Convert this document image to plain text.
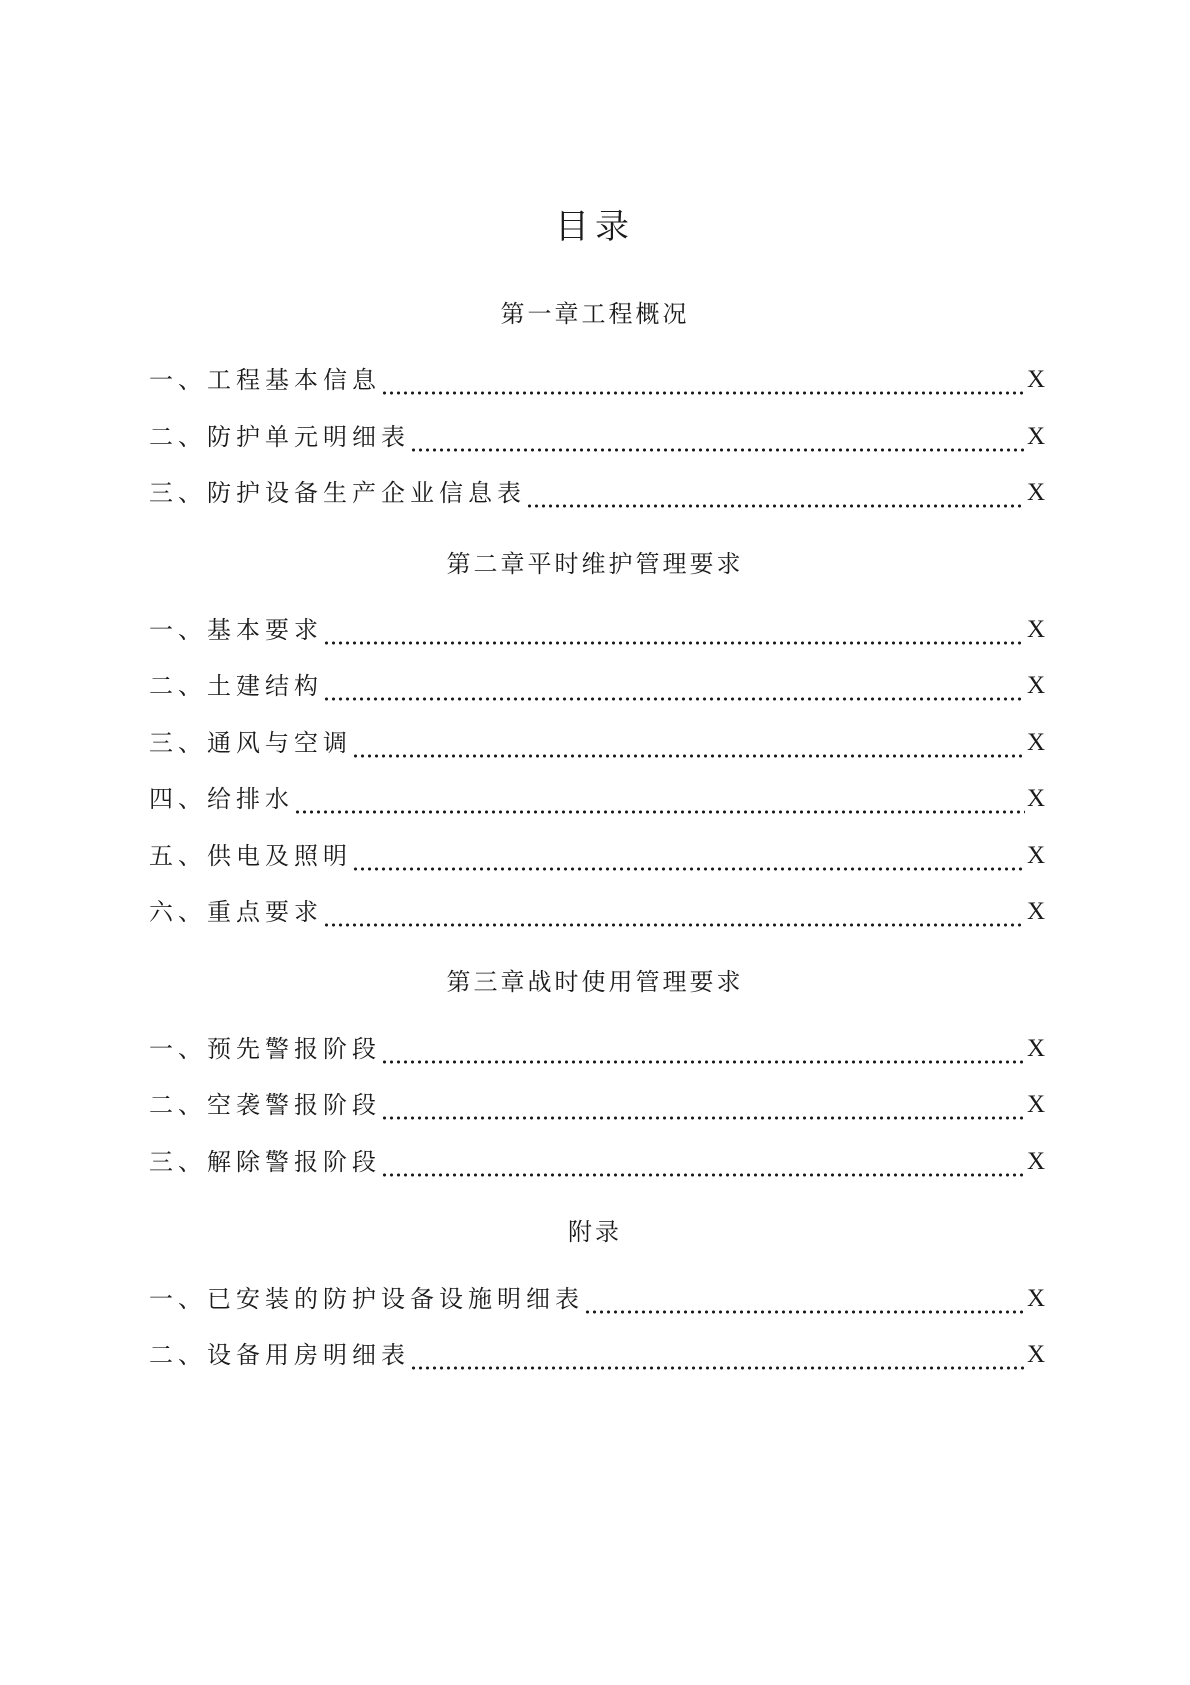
目录
第一章工程概况
一、工程基本信息	X
二、防护单元明细表	X
三、防护设备生产企业信息表	X
第二章平时维护管理要求
一、基本要求	X
二、土建结构	X
三、通风与空调	X
四、给排水	X
五、供电及照明	X
六、重点要求	X
第三章战时使用管理要求
一、预先警报阶段	X
二、空袭警报阶段	X
三、解除警报阶段	X
附录
一、已安装的防护设备设施明细表	X
二、设备用房明细表	X
